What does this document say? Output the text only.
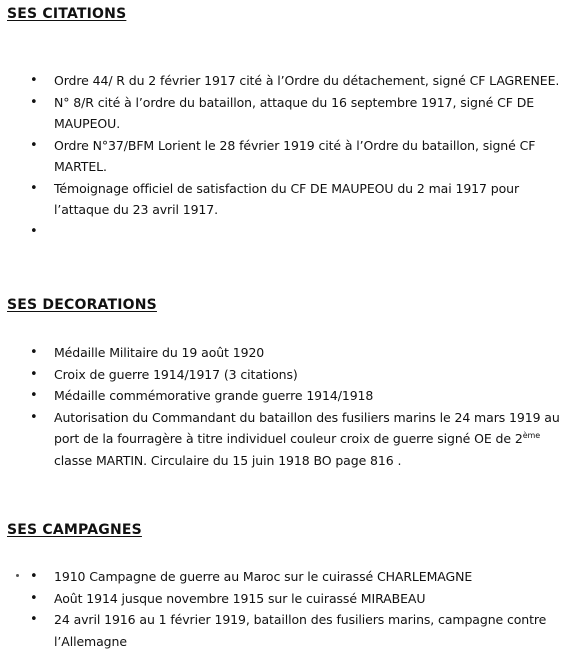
SES CITATIONS
• Ordre 44/ R du 2 février 1917 cité à l’Ordre du détachement, signé CF LAGRENEE.
• N° 8/R cité à l’ordre du bataillon, attaque du 16 septembre 1917, signé CF DE MAUPEOU.
• Ordre N°37/BFM Lorient le 28 février 1919 cité à l’Ordre du bataillon, signé CF MARTEL.
• Témoignage officiel de satisfaction du CF DE MAUPEOU du 2 mai 1917 pour l’attaque du 23 avril 1917.
•

SES DECORATIONS
• Médaille Militaire du 19 août 1920
• Croix de guerre 1914/1917 (3 citations)
• Médaille commémorative grande guerre 1914/1918
• Autorisation du Commandant du bataillon des fusiliers marins le 24 mars 1919 au port de la fourragère à titre individuel couleur croix de guerre signé OE de 2ème classe MARTIN. Circulaire du 15 juin 1918 BO page 816 .
SES CAMPAGNES
• 1910 Campagne de guerre au Maroc sur le cuirassé CHARLEMAGNE
• Août 1914 jusque novembre 1915 sur le cuirassé MIRABEAU
• 24 avril 1916 au 1 février 1919, bataillon des fusiliers marins, campagne contre l’Allemagne
